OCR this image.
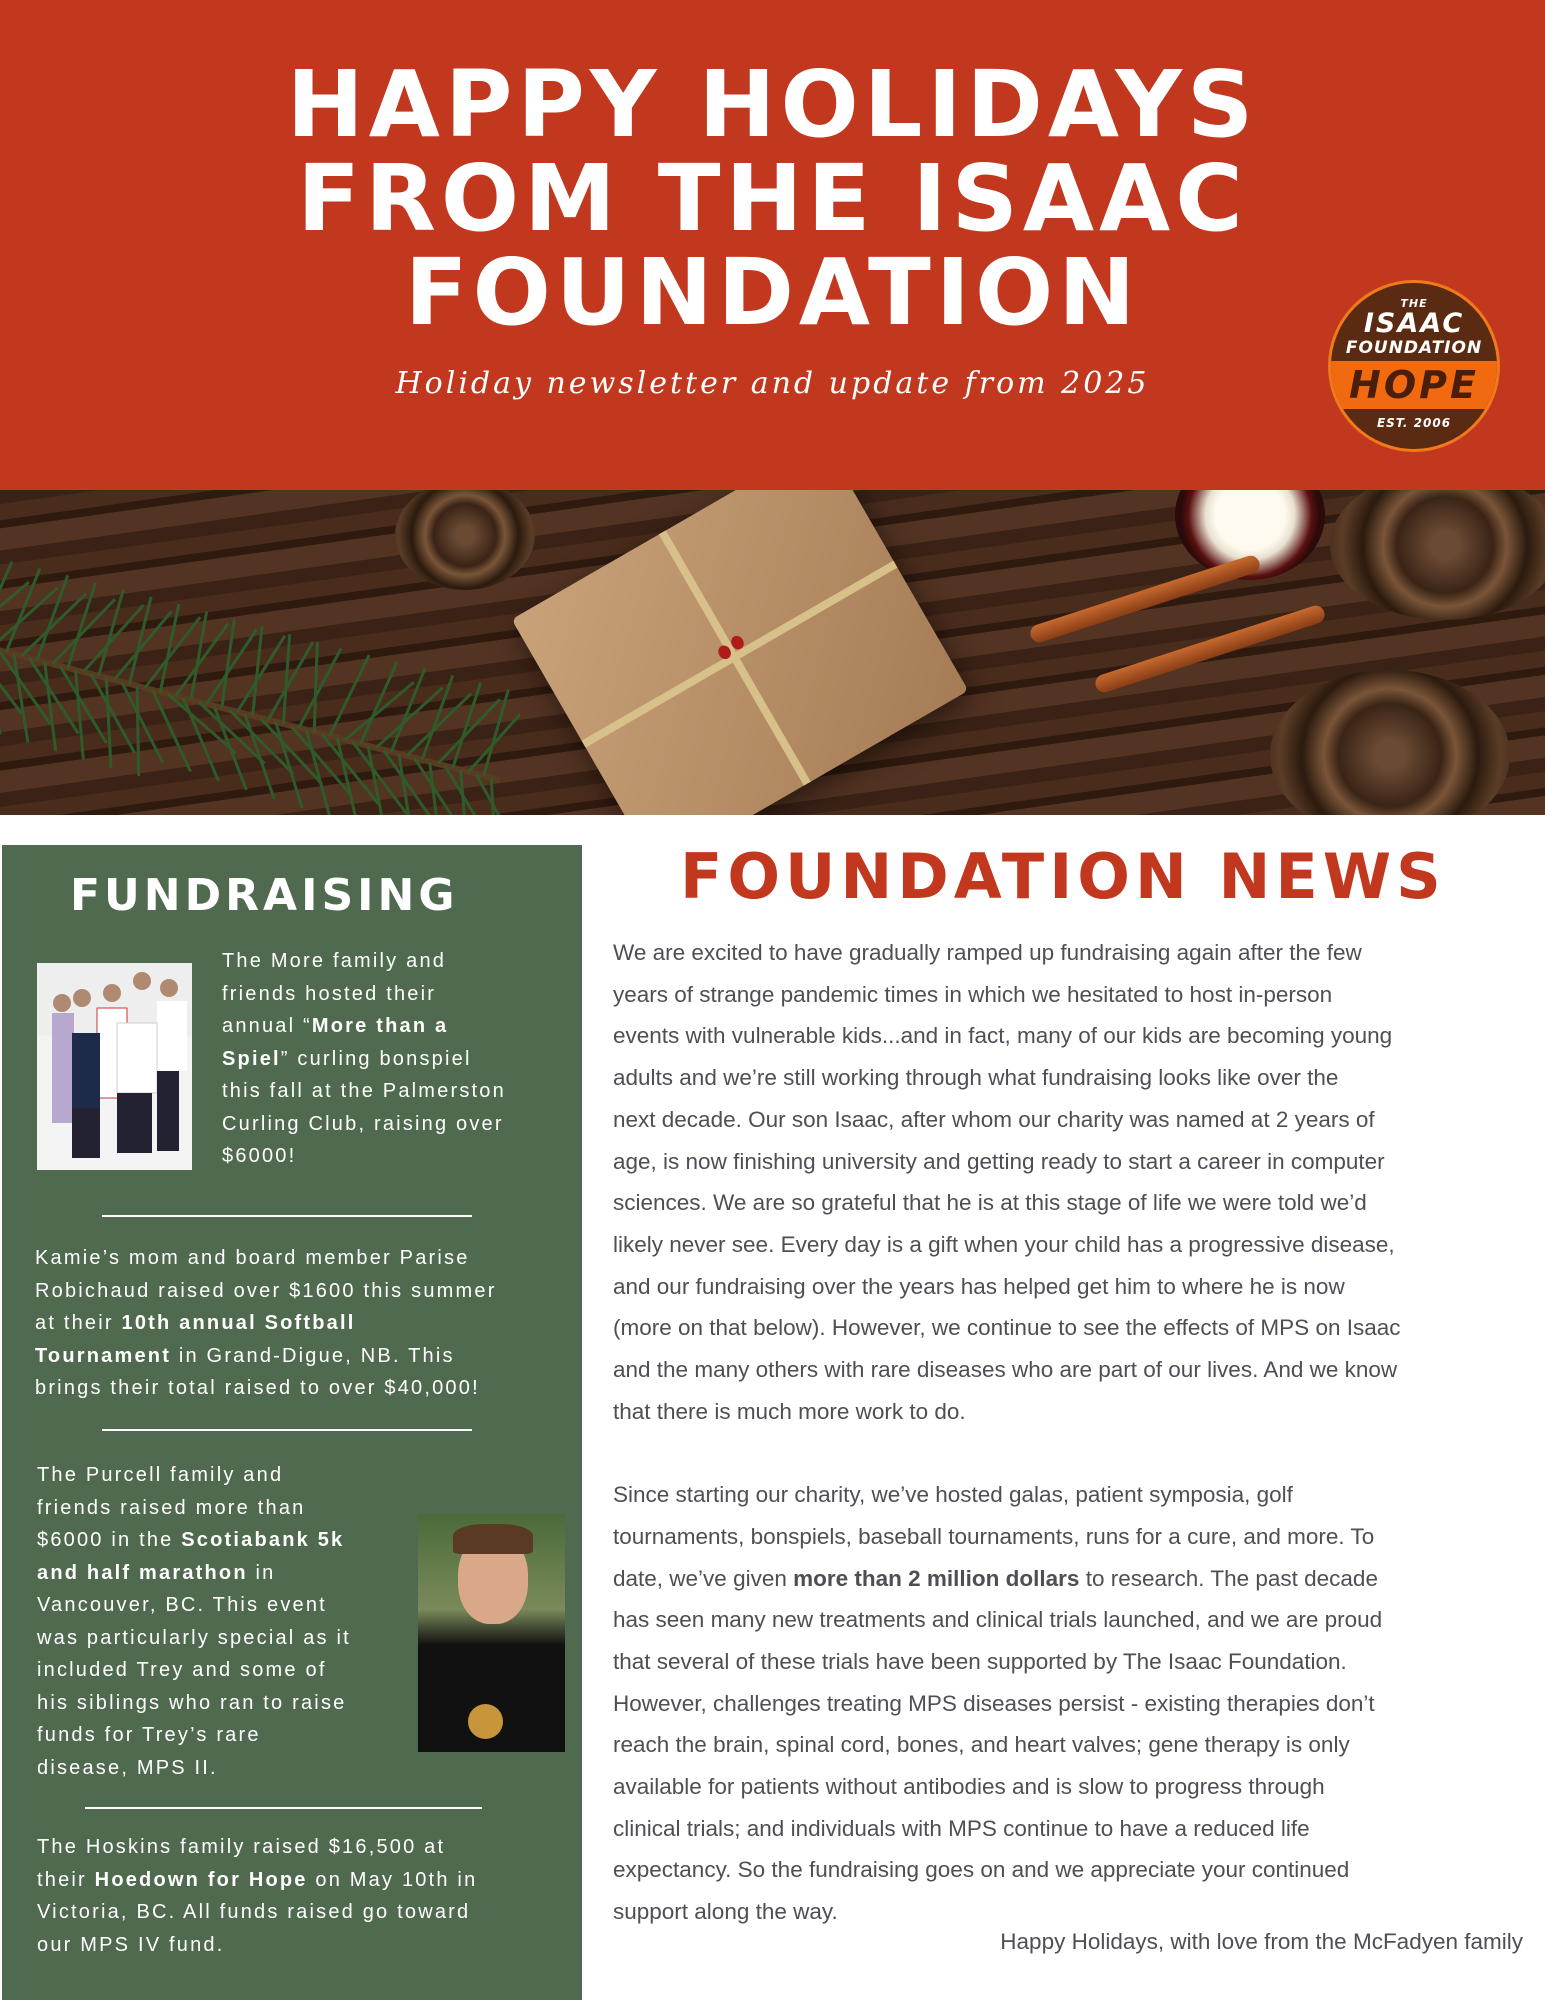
HAPPY HOLIDAYS
FROM THE ISAAC
FOUNDATION
Holiday newsletter and update from 2025
THE
ISAAC
FOUNDATION
HOPE
EST. 2006
FUNDRAISING
The More family and
friends hosted their
annual “More than a
Spiel” curling bonspiel
this fall at the Palmerston
Curling Club, raising over
$6000!
Kamie’s mom and board member Parise
Robichaud raised over $1600 this summer
at their 10th annual Softball
Tournament in Grand-Digue, NB. This
brings their total raised to over $40,000!
The Purcell family and
friends raised more than
$6000 in the Scotiabank 5k
and half marathon in
Vancouver, BC. This event
was particularly special as it
included Trey and some of
his siblings who ran to raise
funds for Trey’s rare
disease, MPS II.
The Hoskins family raised $16,500 at
their Hoedown for Hope on May 10th in
Victoria, BC. All funds raised go toward
our MPS IV fund.
FOUNDATION NEWS
We are excited to have gradually ramped up fundraising again after the few
years of strange pandemic times in which we hesitated to host in-person
events with vulnerable kids...and in fact, many of our kids are becoming young
adults and we’re still working through what fundraising looks like over the
next decade. Our son Isaac, after whom our charity was named at 2 years of
age, is now finishing university and getting ready to start a career in computer
sciences. We are so grateful that he is at this stage of life we were told we’d
likely never see. Every day is a gift when your child has a progressive disease,
and our fundraising over the years has helped get him to where he is now
(more on that below). However, we continue to see the effects of MPS on Isaac
and the many others with rare diseases who are part of our lives. And we know
that there is much more work to do.

Since starting our charity, we’ve hosted galas, patient symposia, golf
tournaments, bonspiels, baseball tournaments, runs for a cure, and more. To
date, we’ve given more than 2 million dollars to research. The past decade
has seen many new treatments and clinical trials launched, and we are proud
that several of these trials have been supported by The Isaac Foundation.
However, challenges treating MPS diseases persist - existing therapies don’t
reach the brain, spinal cord, bones, and heart valves; gene therapy is only
available for patients without antibodies and is slow to progress through
clinical trials; and individuals with MPS continue to have a reduced life
expectancy. So the fundraising goes on and we appreciate your continued
support along the way.
Happy Holidays, with love from the McFadyen family
